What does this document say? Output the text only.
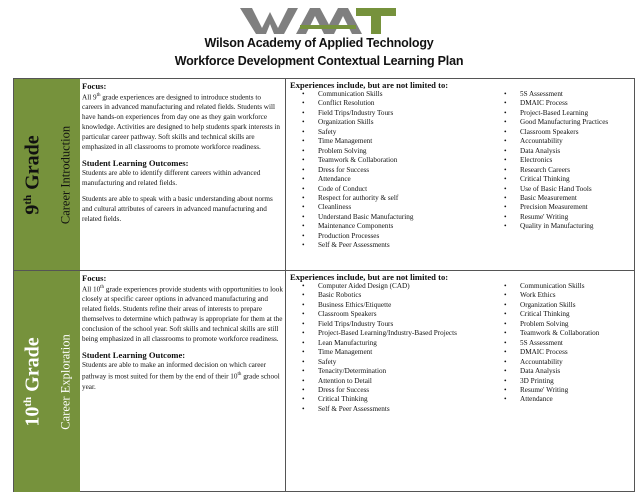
Wilson Academy of Applied Technology
Workforce Development Contextual Learning Plan
9th Grade Career Introduction
Focus:

All 9th grade experiences are designed to introduce students to careers in advanced manufacturing and related fields. Students will have hands-on experiences from day one as they gain workforce knowledge. Activities are designed to help students spark interests in particular career pathway. Soft skills and technical skills are emphasized in all classrooms to promote workforce readiness.

Student Learning Outcomes:

Students are able to identify different careers within advanced manufacturing and related fields.

Students are able to speak with a basic understanding about norms and cultural attributes of careers in advanced manufacturing and related fields.

Experiences include, but are not limited to:
• Communication Skills
• Conflict Resolution
• Field Trips/Industry Tours
• Organization Skills
• Safety
• Time Management
• Problem Solving
• Teamwork & Collaboration
• Dress for Success
• Attendance
• Code of Conduct
• Respect for authority & self
• Cleanliness
• Understand Basic Manufacturing
• Maintenance Components
• Production Processes
• Self & Peer Assessments
• 5S Assessment
• DMAIC Process
• Project-Based Learning
• Good Manufacturing Practices
• Classroom Speakers
• Accountability
• Data Analysis
• Electronics
• Research Careers
• Critical Thinking
• Use of Basic Hand Tools
• Basic Measurement
• Precision Measurement
• Resume' Writing
• Quality in Manufacturing
10th Grade Career Exploration
Focus:

All 10th grade experiences provide students with opportunities to look closely at specific career options in advanced manufacturing and related fields. Students refine their areas of interests to prepare themselves to determine which pathway is appropriate for them at the conclusion of the school year. Soft skills and technical skills are still being emphasized in all classrooms to promote workforce readiness.

Student Learning Outcome:

Students are able to make an informed decision on which career pathway is most suited for them by the end of their 10th grade school year.

Experiences include, but are not limited to:
• Computer Aided Design (CAD)
• Basic Robotics
• Business Ethics/Etiquette
• Classroom Speakers
• Field Trips/Industry Tours
• Project-Based Learning/Industry-Based Projects
• Lean Manufacturing
• Time Management
• Safety
• Tenacity/Determination
• Attention to Detail
• Dress for Success
• Critical Thinking
• Self & Peer Assessments
• Communication Skills
• Work Ethics
• Organization Skills
• Critical Thinking
• Problem Solving
• Teamwork & Collaboration
• 5S Assessment
• DMAIC Process
• Accountability
• Data Analysis
• 3D Printing
• Resume' Writing
• Attendance
